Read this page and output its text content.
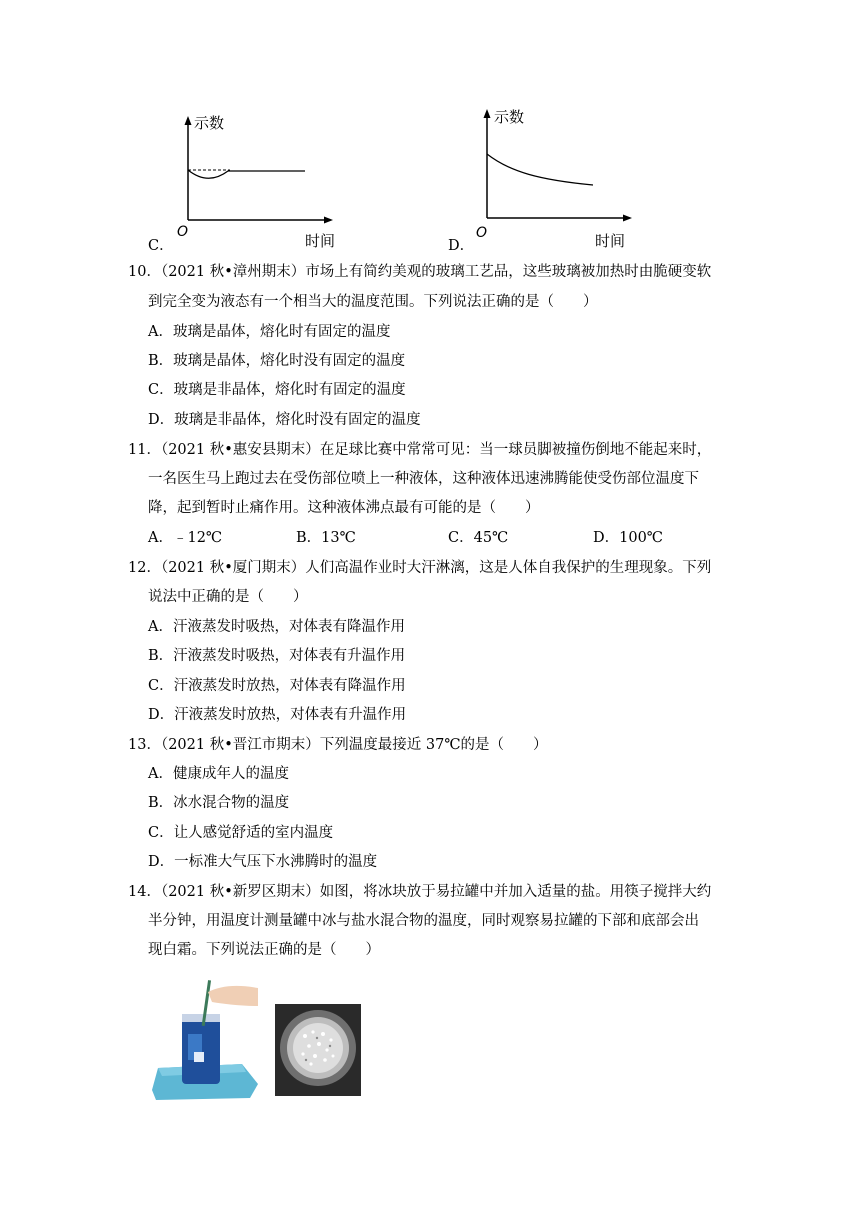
C．
示数
O	时间	D．
示数
O	时间
10．（2021 秋•漳州期末）市场上有简约美观的玻璃工艺品，这些玻璃被加热时由脆硬变软
到完全变为液态有一个相当大的温度范围。下列说法正确的是（　　）
A．玻璃是晶体，熔化时有固定的温度
B．玻璃是晶体，熔化时没有固定的温度
C．玻璃是非晶体，熔化时有固定的温度
D．玻璃是非晶体，熔化时没有固定的温度
11．（2021 秋•惠安县期末）在足球比赛中常常可见：当一球员脚被撞伤倒地不能起来时，
一名医生马上跑过去在受伤部位喷上一种液体，这种液体迅速沸腾能使受伤部位温度下
降，起到暂时止痛作用。这种液体沸点最有可能的是（　　）
A．﹣12℃	B．13℃	C．45℃	D．100℃
12．（2021 秋•厦门期末）人们高温作业时大汗淋漓，这是人体自我保护的生理现象。下列
说法中正确的是（　　）
A．汗液蒸发时吸热，对体表有降温作用
B．汗液蒸发时吸热，对体表有升温作用
C．汗液蒸发时放热，对体表有降温作用
D．汗液蒸发时放热，对体表有升温作用
13．（2021 秋•晋江市期末）下列温度最接近 37℃的是（　　）
A．健康成年人的温度
B．冰水混合物的温度
C．让人感觉舒适的室内温度
D．一标准大气压下水沸腾时的温度
14．（2021 秋•新罗区期末）如图，将冰块放于易拉罐中并加入适量的盐。用筷子搅拌大约
半分钟，用温度计测量罐中冰与盐水混合物的温度，同时观察易拉罐的下部和底部会出
现白霜。下列说法正确的是（　　）
